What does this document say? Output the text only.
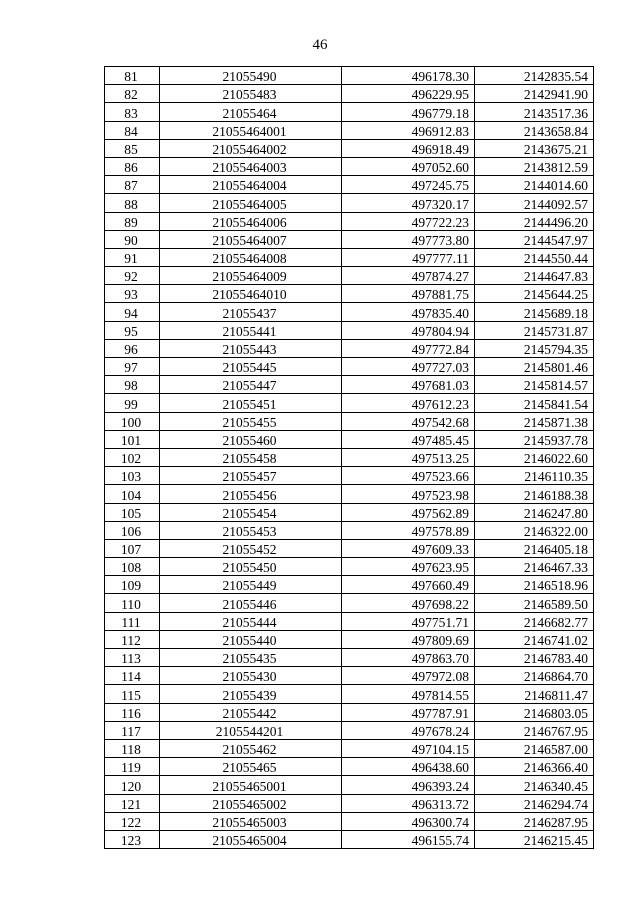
46
81	21055490	496178.30	2142835.54
82	21055483	496229.95	2142941.90
83	21055464	496779.18	2143517.36
84	21055464001	496912.83	2143658.84
85	21055464002	496918.49	2143675.21
86	21055464003	497052.60	2143812.59
87	21055464004	497245.75	2144014.60
88	21055464005	497320.17	2144092.57
89	21055464006	497722.23	2144496.20
90	21055464007	497773.80	2144547.97
91	21055464008	497777.11	2144550.44
92	21055464009	497874.27	2144647.83
93	21055464010	497881.75	2145644.25
94	21055437	497835.40	2145689.18
95	21055441	497804.94	2145731.87
96	21055443	497772.84	2145794.35
97	21055445	497727.03	2145801.46
98	21055447	497681.03	2145814.57
99	21055451	497612.23	2145841.54
100	21055455	497542.68	2145871.38
101	21055460	497485.45	2145937.78
102	21055458	497513.25	2146022.60
103	21055457	497523.66	2146110.35
104	21055456	497523.98	2146188.38
105	21055454	497562.89	2146247.80
106	21055453	497578.89	2146322.00
107	21055452	497609.33	2146405.18
108	21055450	497623.95	2146467.33
109	21055449	497660.49	2146518.96
110	21055446	497698.22	2146589.50
111	21055444	497751.71	2146682.77
112	21055440	497809.69	2146741.02
113	21055435	497863.70	2146783.40
114	21055430	497972.08	2146864.70
115	21055439	497814.55	2146811.47
116	21055442	497787.91	2146803.05
117	2105544201	497678.24	2146767.95
118	21055462	497104.15	2146587.00
119	21055465	496438.60	2146366.40
120	21055465001	496393.24	2146340.45
121	21055465002	496313.72	2146294.74
122	21055465003	496300.74	2146287.95
123	21055465004	496155.74	2146215.45
